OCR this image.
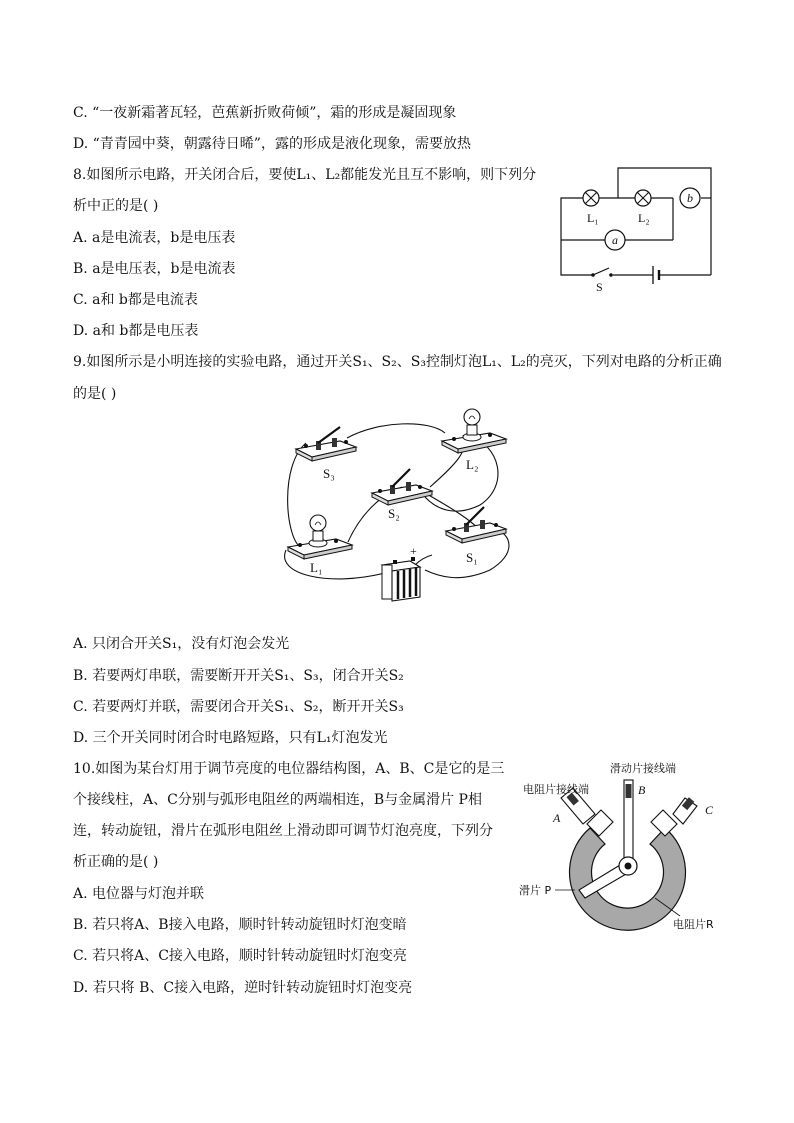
C. “一夜新霜著瓦轻，芭蕉新折败荷倾”，霜的形成是凝固现象
D. “青青园中葵，朝露待日晞”，露的形成是液化现象，需要放热
8.如图所示电路，开关闭合后，要使L₁、L₂都能发光且互不影响，则下列分
析中正的是( )
A. a是电流表，b是电压表
B. a是电压表，b是电流表
C. a和 b都是电流表
D. a和 b都是电压表
b
a
L₁	L₂
S
9.如图所示是小明连接的实验电路，通过开关S₁、S₂、S₃控制灯泡L₁、L₂的亮灭，下列对电路的分析正确
的是( )
S₃
L₂
S₂
S₁
L₁
+
A. 只闭合开关S₁，没有灯泡会发光
B. 若要两灯串联，需要断开开关S₁、S₃，闭合开关S₂
C. 若要两灯并联，需要闭合开关S₁、S₂，断开开关S₃
D. 三个开关同时闭合时电路短路，只有L₁灯泡发光
10.如图为某台灯用于调节亮度的电位器结构图，A、B、C是它的是三
个接线柱，A、C分别与弧形电阻丝的两端相连，B与金属滑片 P相
连，转动旋钮，滑片在弧形电阻丝上滑动即可调节灯泡亮度，下列分
析正确的是( )
A. 电位器与灯泡并联
B. 若只将A、B接入电路，顺时针转动旋钮时灯泡变暗
C. 若只将A、C接入电路，顺时针转动旋钮时灯泡变亮
D. 若只将 B、C接入电路，逆时针转动旋钮时灯泡变亮
滑动片接线端
电阻片接线端	B
A
C
滑片 P
电阻片R
